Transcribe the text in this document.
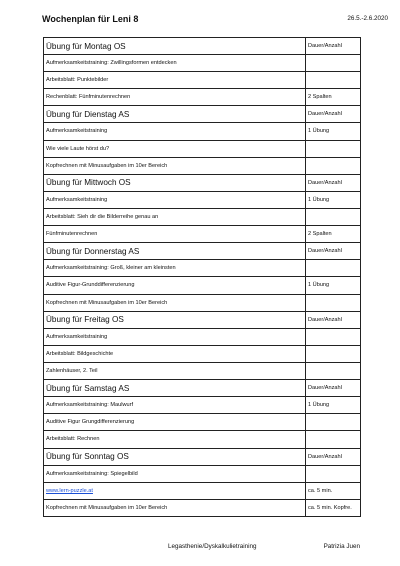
Wochenplan für Leni 8	26.5.-2.6.2020
Übung für Montag OS	Dauer/Anzahl
Aufmerksamkeitstraining: Zwillingsformen entdecken	
Arbeitsblatt: Punktebilder	
Rechenblatt: Fünfminutenrechnen	2 Spalten
Übung für Dienstag AS	Dauer/Anzahl
Aufmerksamkeitstraining	1 Übung
Wie viele Laute hörst du?	
Kopfrechnen mit Minusaufgaben im 10er Bereich	
Übung für Mittwoch OS	Dauer/Anzahl
Aufmerksamkeitstraining	1 Übung
Arbeitsblatt: Sieh dir die Bilderreihe genau an	
Fünfminutenrechnen	2 Spalten
Übung für Donnerstag AS	Dauer/Anzahl
Aufmerksamkeitstraining: Groß, kleiner am kleinsten	
Auditive Figur-Grunddifferenzierung	1 Übung
Kopfrechnen mit Minusaufgaben im 10er Bereich	
Übung für Freitag OS	Dauer/Anzahl
Aufmerksamkeitstraining	
Arbeitsblatt: Bildgeschichte	
Zahlenhäuser, 2. Teil	
Übung für Samstag AS	Dauer/Anzahl
Aufmerksamkeitstraining: Maulwurf	1 Übung
Auditive Figur Grungdifferenzierung	
Arbeitsblatt: Rechnen	
Übung für Sonntag OS	Dauer/Anzahl
Aufmerksamkeitstraining: Spiegelbild	
www.lern-puzzle.at	ca. 5 min.
Kopfrechnen mit Minusaufgaben im 10er Bereich	ca. 5 min. Kopfre.
Legasthenie/Dyskalkulietraining	Patrizia Juen
